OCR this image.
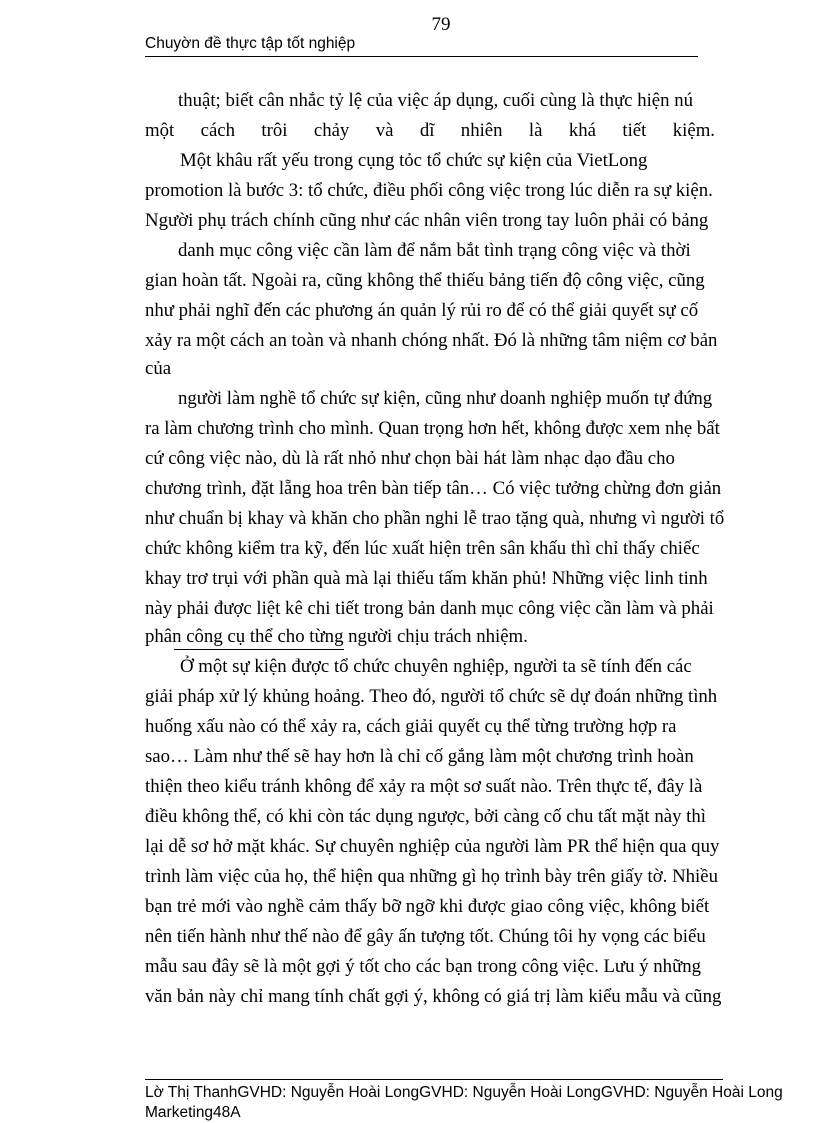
79
Chuyờn đề thực tập tốt nghiệp
thuật; biết cân nhắc tỷ lệ của việc áp dụng, cuối cùng là thực hiện nú
một cách trôi chảy và dĩ nhiên là khá tiết kiệm.
Một khâu rất yếu trong cụng tỏc tổ chức sự kiện của VietLong
promotion là bước 3: tổ chức, điều phối công việc trong lúc diễn ra sự kiện.
Người phụ trách chính cũng như các nhân viên trong tay luôn phải có bảng
danh mục công việc cần làm để nắm bắt tình trạng công việc và thời
gian hoàn tất. Ngoài ra, cũng không thể thiếu bảng tiến độ công việc, cũng
như phải nghĩ đến các phương án quản lý rủi ro để có thể giải quyết sự cố
xảy ra một cách an toàn và nhanh chóng nhất. Đó là những tâm niệm cơ bản
của
người làm nghề tổ chức sự kiện, cũng như doanh nghiệp muốn tự đứng
ra làm chương trình cho mình. Quan trọng hơn hết, không được xem nhẹ bất
cứ công việc nào, dù là rất nhỏ như chọn bài hát làm nhạc dạo đầu cho
chương trình, đặt lẵng hoa trên bàn tiếp tân… Có việc tưởng chừng đơn giản
như chuẩn bị khay và khăn cho phần nghi lễ trao tặng quà, nhưng vì người tổ
chức không kiểm tra kỹ, đến lúc xuất hiện trên sân khấu thì chỉ thấy chiếc
khay trơ trụi với phần quà mà lại thiếu tấm khăn phủ! Những việc linh tinh
này phải được liệt kê chi tiết trong bản danh mục công việc cần làm và phải
phân công cụ thể cho từng người chịu trách nhiệm.
Ở một sự kiện được tổ chức chuyên nghiệp, người ta sẽ tính đến các
giải pháp xử lý khủng hoảng. Theo đó, người tổ chức sẽ dự đoán những tình
huống xấu nào có thể xảy ra, cách giải quyết cụ thể từng trường hợp ra
sao… Làm như thế sẽ hay hơn là chỉ cố gắng làm một chương trình hoàn
thiện theo kiểu tránh không để xảy ra một sơ suất nào. Trên thực tế, đây là
điều không thể, có khi còn tác dụng ngược, bởi càng cố chu tất mặt này thì
lại dễ sơ hở mặt khác. Sự chuyên nghiệp của người làm PR thể hiện qua quy
trình làm việc của họ, thể hiện qua những gì họ trình bày trên giấy tờ. Nhiều
bạn trẻ mới vào nghề cảm thấy bỡ ngỡ khi được giao công việc, không biết
nên tiến hành như thế nào để gây ấn tượng tốt. Chúng tôi hy vọng các biểu
mẫu sau đây sẽ là một gợi ý tốt cho các bạn trong công việc. Lưu ý những
văn bản này chỉ mang tính chất gợi ý, không có giá trị làm kiểu mẫu và cũng
Lờ Thị ThanhGVHD: Nguyễn Hoài LongGVHD: Nguyễn Hoài LongGVHD: Nguyễn Hoài Long
Marketing48A
